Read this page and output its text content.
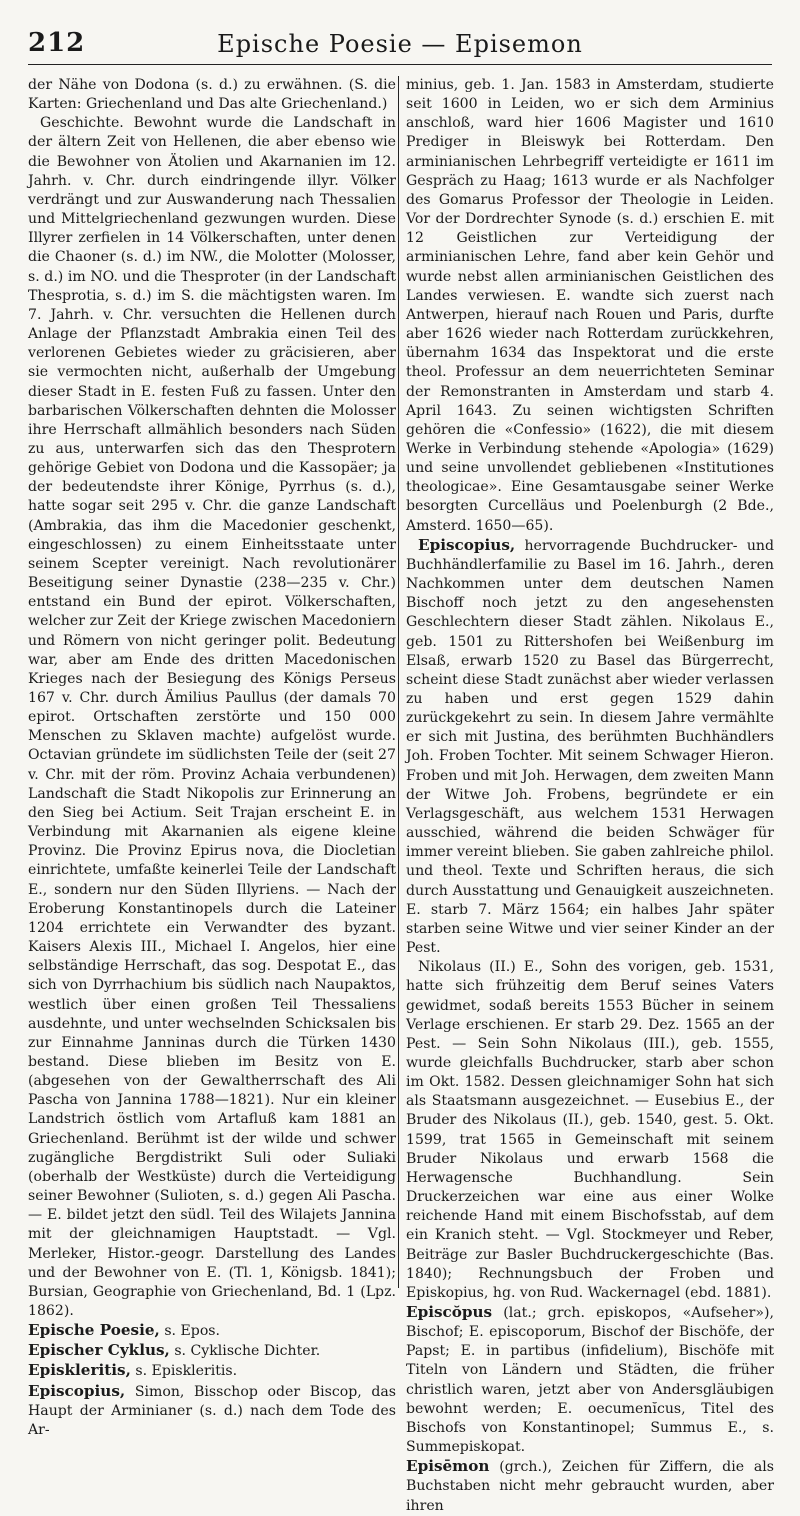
212	Epische Poesie — Episemon

der Nähe von Dodona (s. d.) zu erwähnen. (S. die Karten: Griechenland und Das alte Griechenland.)

Geschichte. Bewohnt wurde die Landschaft in der ältern Zeit von Hellenen, die aber ebenso wie die Bewohner von Ätolien und Akarnanien im 12. Jahrh. v. Chr. durch eindringende illyr. Völker verdrängt und zur Auswanderung nach Thessalien und Mittelgriechenland gezwungen wurden. Diese Illyrer zerfielen in 14 Völkerschaften, unter denen die Chaoner (s. d.) im NW., die Molotter (Molosser, s. d.) im NO. und die Thesproter (in der Landschaft Thesprotia, s. d.) im S. die mächtigsten waren. Im 7. Jahrh. v. Chr. versuchten die Hellenen durch Anlage der Pflanzstadt Ambrakia einen Teil des verlorenen Gebietes wieder zu gräcisieren, aber sie vermochten nicht, außerhalb der Umgebung dieser Stadt in E. festen Fuß zu fassen. Unter den barbarischen Völkerschaften dehnten die Molosser ihre Herrschaft allmählich besonders nach Süden zu aus, unterwarfen sich das den Thesprotern gehörige Gebiet von Dodona und die Kassopäer; ja der bedeutendste ihrer Könige, Pyrrhus (s. d.), hatte sogar seit 295 v. Chr. die ganze Landschaft (Ambrakia, das ihm die Macedonier geschenkt, eingeschlossen) zu einem Einheitsstaate unter seinem Scepter vereinigt. Nach revolutionärer Beseitigung seiner Dynastie (238—235 v. Chr.) entstand ein Bund der epirot. Völkerschaften, welcher zur Zeit der Kriege zwischen Macedoniern und Römern von nicht geringer polit. Bedeutung war, aber am Ende des dritten Macedonischen Krieges nach der Besiegung des Königs Perseus 167 v. Chr. durch Ämilius Paullus (der damals 70 epirot. Ortschaften zerstörte und 150 000 Menschen zu Sklaven machte) aufgelöst wurde. Octavian gründete im südlichsten Teile der (seit 27 v. Chr. mit der röm. Provinz Achaia verbundenen) Landschaft die Stadt Nikopolis zur Erinnerung an den Sieg bei Actium. Seit Trajan erscheint E. in Verbindung mit Akarnanien als eigene kleine Provinz. Die Provinz Epirus nova, die Diocletian einrichtete, umfaßte keinerlei Teile der Landschaft E., sondern nur den Süden Illyriens. — Nach der Eroberung Konstantinopels durch die Lateiner 1204 errichtete ein Verwandter des byzant. Kaisers Alexis III., Michael I. Angelos, hier eine selbständige Herrschaft, das sog. Despotat E., das sich von Dyrrhachium bis südlich nach Naupaktos, westlich über einen großen Teil Thessaliens ausdehnte, und unter wechselnden Schicksalen bis zur Einnahme Janninas durch die Türken 1430 bestand. Diese blieben im Besitz von E. (abgesehen von der Gewaltherrschaft des Ali Pascha von Jannina 1788—1821). Nur ein kleiner Landstrich östlich vom Artafluß kam 1881 an Griechenland. Berühmt ist der wilde und schwer zugängliche Bergdistrikt Suli oder Suliaki (oberhalb der Westküste) durch die Verteidigung seiner Bewohner (Sulioten, s. d.) gegen Ali Pascha. — E. bildet jetzt den südl. Teil des Wilajets Jannina mit der gleichnamigen Hauptstadt. — Vgl. Merleker, Histor.-geogr. Darstellung des Landes und der Bewohner von E. (Tl. 1, Königsb. 1841); Bursian, Geographie von Griechenland, Bd. 1 (Lpz. 1862).

Epische Poesie, s. Epos.

Epischer Cyklus, s. Cyklische Dichter.

Episkleritis, s. Episkleritis.

Episcopius, Simon, Bisschop oder Biscop, das Haupt der Arminianer (s. d.) nach dem Tode des Ar-

minius, geb. 1. Jan. 1583 in Amsterdam, studierte seit 1600 in Leiden, wo er sich dem Arminius anschloß, ward hier 1606 Magister und 1610 Prediger in Bleiswyk bei Rotterdam. Den arminianischen Lehrbegriff verteidigte er 1611 im Gespräch zu Haag; 1613 wurde er als Nachfolger des Gomarus Professor der Theologie in Leiden. Vor der Dordrechter Synode (s. d.) erschien E. mit 12 Geistlichen zur Verteidigung der arminianischen Lehre, fand aber kein Gehör und wurde nebst allen arminianischen Geistlichen des Landes verwiesen. E. wandte sich zuerst nach Antwerpen, hierauf nach Rouen und Paris, durfte aber 1626 wieder nach Rotterdam zurückkehren, übernahm 1634 das Inspektorat und die erste theol. Professur an dem neuerrichteten Seminar der Remonstranten in Amsterdam und starb 4. April 1643. Zu seinen wichtigsten Schriften gehören die «Confessio» (1622), die mit diesem Werke in Verbindung stehende «Apologia» (1629) und seine unvollendet gebliebenen «Institutiones theologicae». Eine Gesamtausgabe seiner Werke besorgten Curcelläus und Poelenburgh (2 Bde., Amsterd. 1650—65).

Episcopius, hervorragende Buchdrucker- und Buchhändlerfamilie zu Basel im 16. Jahrh., deren Nachkommen unter dem deutschen Namen Bischoff noch jetzt zu den angesehensten Geschlechtern dieser Stadt zählen. Nikolaus E., geb. 1501 zu Rittershofen bei Weißenburg im Elsaß, erwarb 1520 zu Basel das Bürgerrecht, scheint diese Stadt zunächst aber wieder verlassen zu haben und erst gegen 1529 dahin zurückgekehrt zu sein. In diesem Jahre vermählte er sich mit Justina, des berühmten Buchhändlers Joh. Froben Tochter. Mit seinem Schwager Hieron. Froben und mit Joh. Herwagen, dem zweiten Mann der Witwe Joh. Frobens, begründete er ein Verlagsgeschäft, aus welchem 1531 Herwagen ausschied, während die beiden Schwäger für immer vereint blieben. Sie gaben zahlreiche philol. und theol. Texte und Schriften heraus, die sich durch Ausstattung und Genauigkeit auszeichneten. E. starb 7. März 1564; ein halbes Jahr später starben seine Witwe und vier seiner Kinder an der Pest.

Nikolaus (II.) E., Sohn des vorigen, geb. 1531, hatte sich frühzeitig dem Beruf seines Vaters gewidmet, sodaß bereits 1553 Bücher in seinem Verlage erschienen. Er starb 29. Dez. 1565 an der Pest. — Sein Sohn Nikolaus (III.), geb. 1555, wurde gleichfalls Buchdrucker, starb aber schon im Okt. 1582. Dessen gleichnamiger Sohn hat sich als Staatsmann ausgezeichnet. — Eusebius E., der Bruder des Nikolaus (II.), geb. 1540, gest. 5. Okt. 1599, trat 1565 in Gemeinschaft mit seinem Bruder Nikolaus und erwarb 1568 die Herwagensche Buchhandlung. Sein Druckerzeichen war eine aus einer Wolke reichende Hand mit einem Bischofsstab, auf dem ein Kranich steht. — Vgl. Stockmeyer und Reber, Beiträge zur Basler Buchdruckergeschichte (Bas. 1840); Rechnungsbuch der Froben und Episkopius, hg. von Rud. Wackernagel (ebd. 1881).

Episcŏpus (lat.; grch. episkopos, «Aufseher»), Bischof; E. episcoporum, Bischof der Bischöfe, der Papst; E. in partibus (infidelium), Bischöfe mit Titeln von Ländern und Städten, die früher christlich waren, jetzt aber von Andersgläubigen bewohnt werden; E. oecumenĭcus, Titel des Bischofs von Konstantinopel; Summus E., s. Summepiskopat.

Episēmon (grch.), Zeichen für Ziffern, die als Buchstaben nicht mehr gebraucht wurden, aber ihren
